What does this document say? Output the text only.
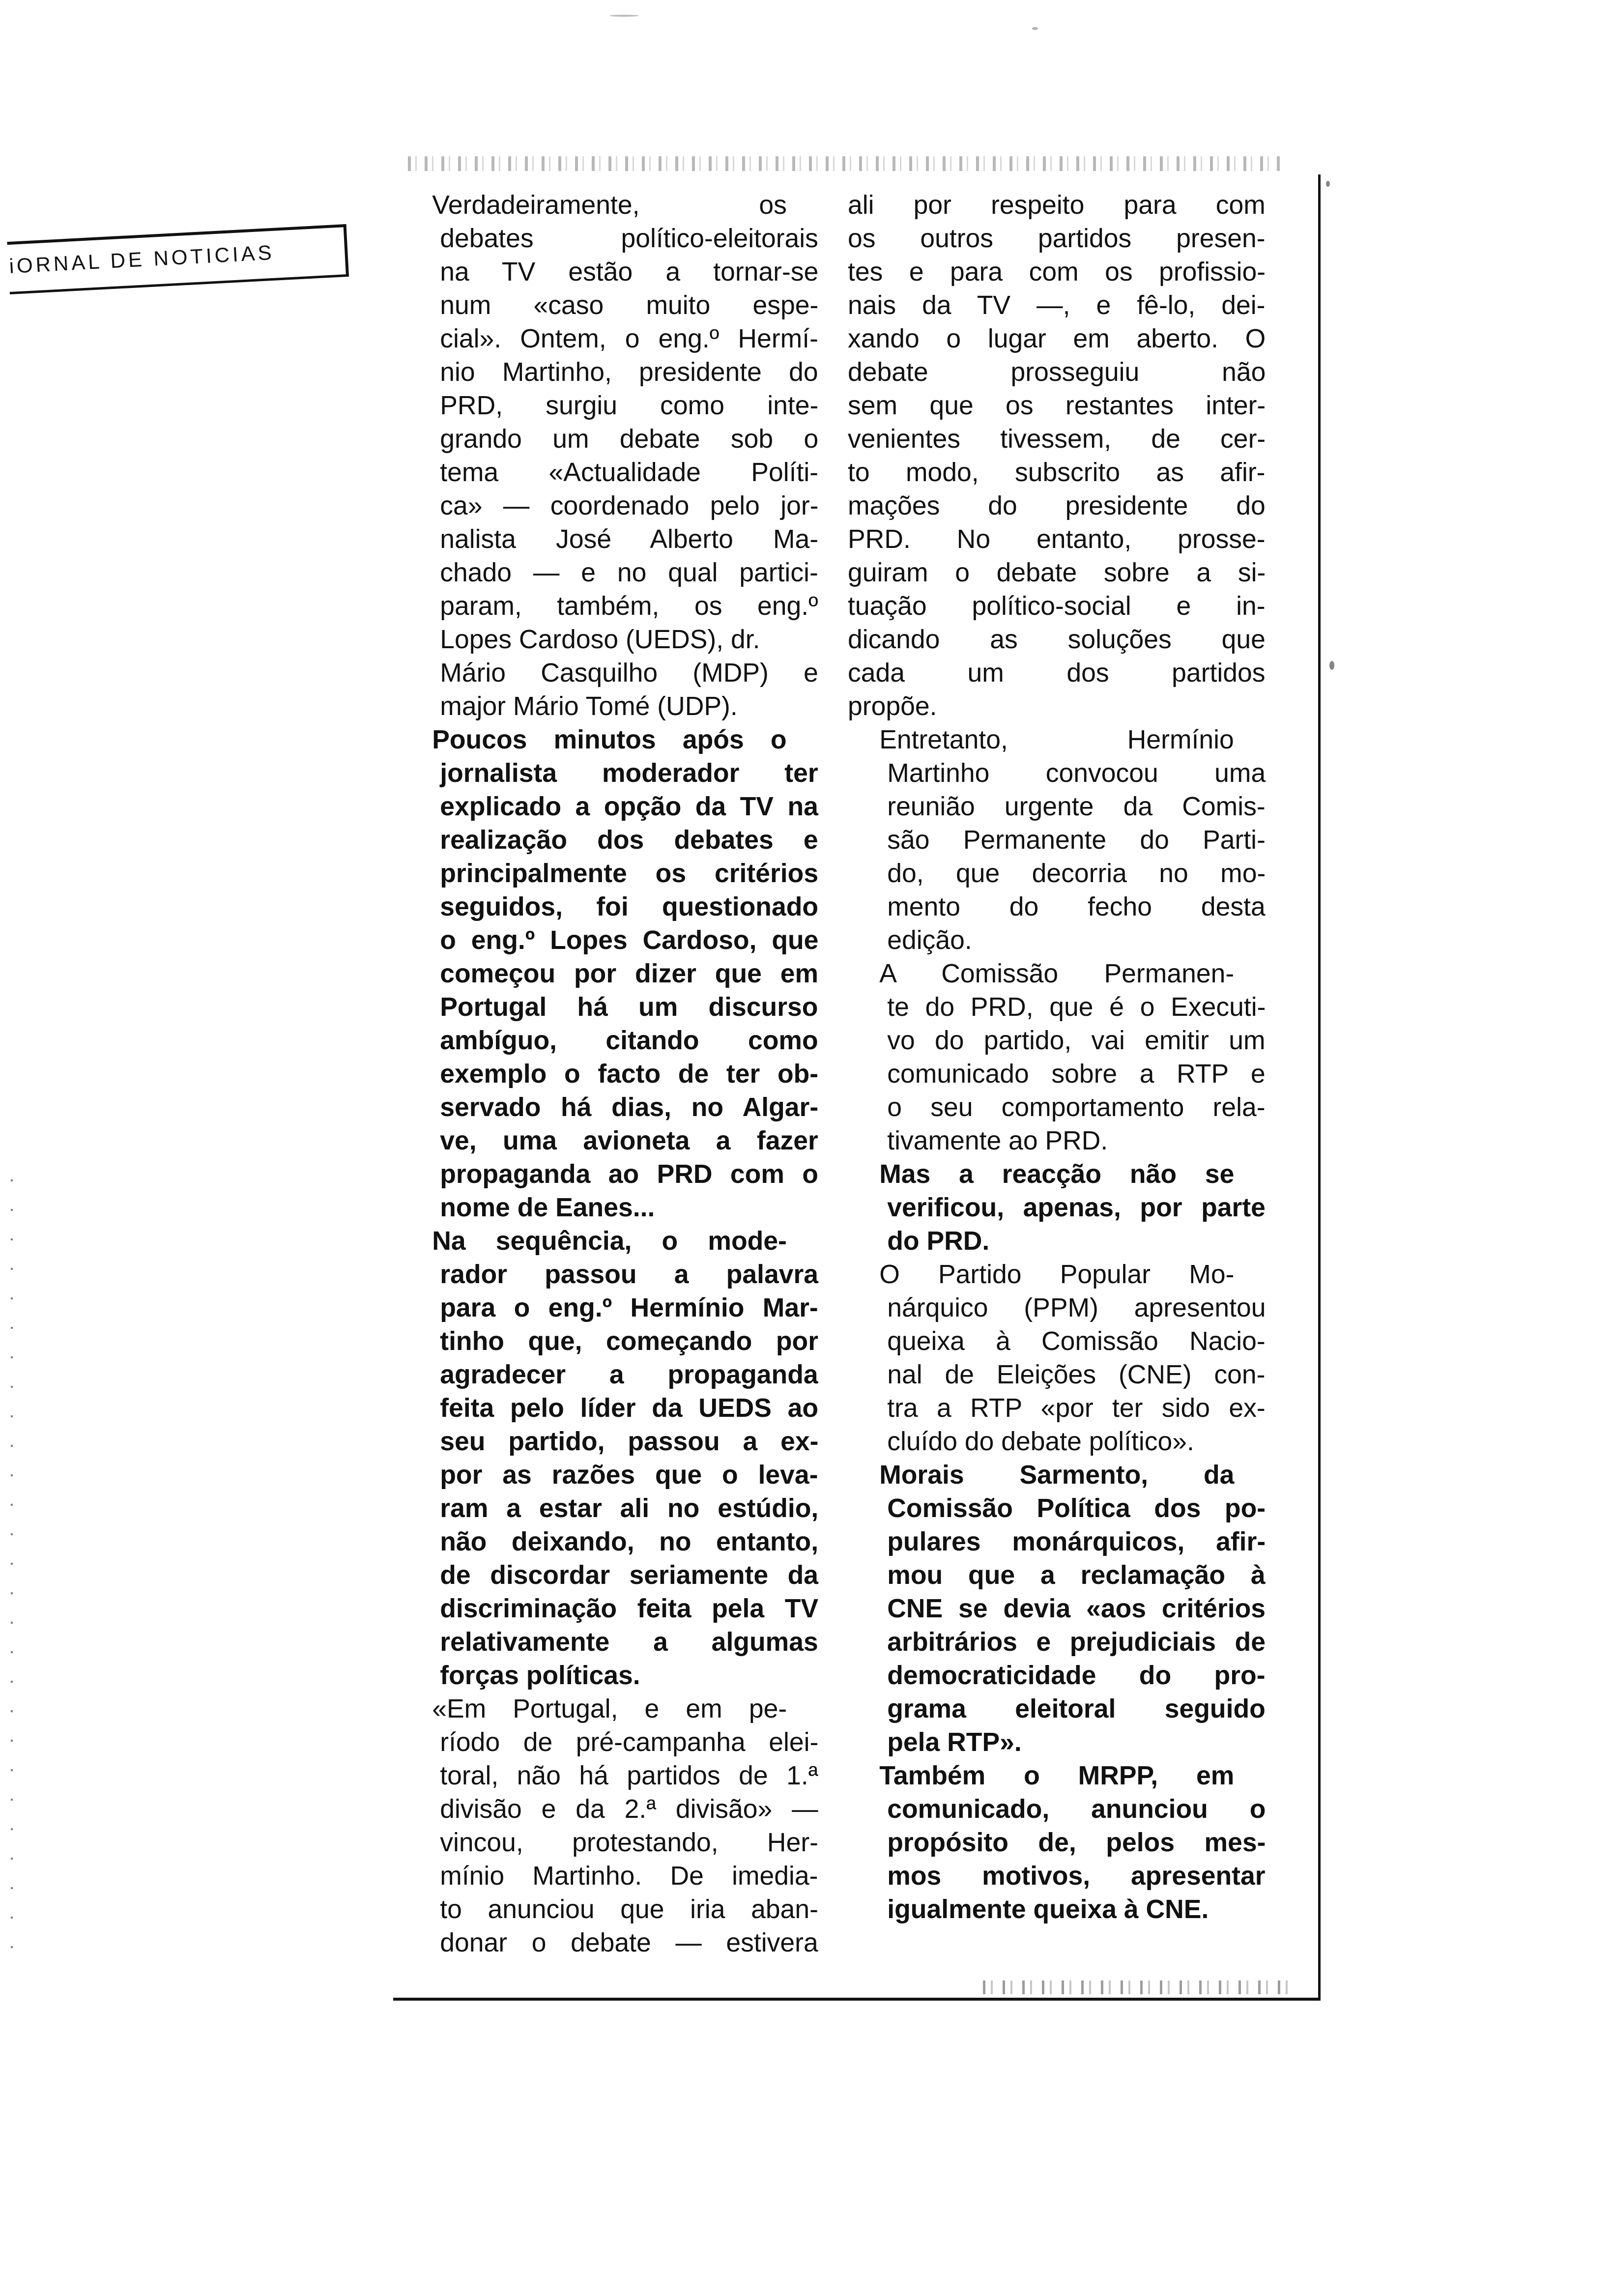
iORNAL DE NOTICIAS

Verdadeiramente, os
debates político-eleitorais
na TV estão a tornar-se
num «caso muito espe-
cial». Ontem, o eng.º Hermí-
nio Martinho, presidente do
PRD, surgiu como inte-
grando um debate sob o
tema «Actualidade Políti-
ca» — coordenado pelo jor-
nalista José Alberto Ma-
chado — e no qual partici-
param, também, os eng.º
Lopes Cardoso (UEDS), dr.
Mário Casquilho (MDP) e
major Mário Tomé (UDP).

Poucos minutos após o
jornalista moderador ter
explicado a opção da TV na
realização dos debates e
principalmente os critérios
seguidos, foi questionado
o eng.º Lopes Cardoso, que
começou por dizer que em
Portugal há um discurso
ambíguo, citando como
exemplo o facto de ter ob-
servado há dias, no Algar-
ve, uma avioneta a fazer
propaganda ao PRD com o
nome de Eanes...

Na sequência, o mode-
rador passou a palavra
para o eng.º Hermínio Mar-
tinho que, começando por
agradecer a propaganda
feita pelo líder da UEDS ao
seu partido, passou a ex-
por as razões que o leva-
ram a estar ali no estúdio,
não deixando, no entanto,
de discordar seriamente da
discriminação feita pela TV
relativamente a algumas
forças políticas.

«Em Portugal, e em pe-
ríodo de pré-campanha elei-
toral, não há partidos de 1.ª
divisão e da 2.ª divisão» —
vincou, protestando, Her-
mínio Martinho. De imedia-
to anunciou que iria aban-
donar o debate — estivera

ali por respeito para com
os outros partidos presen-
tes e para com os profissio-
nais da TV —, e fê-lo, dei-
xando o lugar em aberto. O
debate prosseguiu não
sem que os restantes inter-
venientes tivessem, de cer-
to modo, subscrito as afir-
mações do presidente do
PRD. No entanto, prosse-
guiram o debate sobre a si-
tuação político-social e in-
dicando as soluções que
cada um dos partidos
propõe.

Entretanto, Hermínio
Martinho convocou uma
reunião urgente da Comis-
são Permanente do Parti-
do, que decorria no mo-
mento do fecho desta
edição.

A Comissão Permanen-
te do PRD, que é o Executi-
vo do partido, vai emitir um
comunicado sobre a RTP e
o seu comportamento rela-
tivamente ao PRD.

Mas a reacção não se
verificou, apenas, por parte
do PRD.

O Partido Popular Mo-
nárquico (PPM) apresentou
queixa à Comissão Nacio-
nal de Eleições (CNE) con-
tra a RTP «por ter sido ex-
cluído do debate político».

Morais Sarmento, da
Comissão Política dos po-
pulares monárquicos, afir-
mou que a reclamação à
CNE se devia «aos critérios
arbitrários e prejudiciais de
democraticidade do pro-
grama eleitoral seguido
pela RTP».

Também o MRPP, em
comunicado, anunciou o
propósito de, pelos mes-
mos motivos, apresentar
igualmente queixa à CNE.
